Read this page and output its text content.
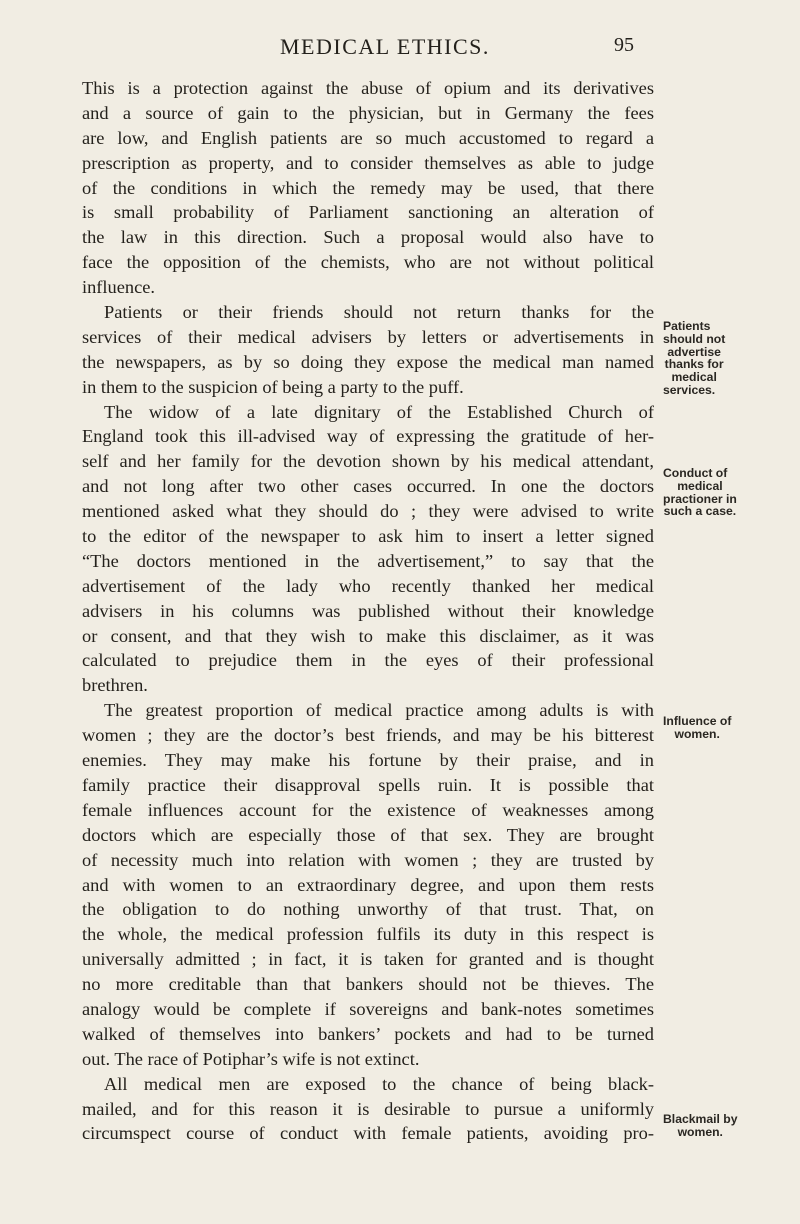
MEDICAL ETHICS.	95
This is a protection against the abuse of opium and its derivatives
and a source of gain to the physician, but in Germany the fees
are low, and English patients are so much accustomed to regard a
prescription as property, and to consider themselves as able to judge
of the conditions in which the remedy may be used, that there
is small probability of Parliament sanctioning an alteration of
the law in this direction. Such a proposal would also have to
face the opposition of the chemists, who are not without political
influence.
Patients or their friends should not return thanks for the
services of their medical advisers by letters or advertisements in
the newspapers, as by so doing they expose the medical man named
in them to the suspicion of being a party to the puff.
The widow of a late dignitary of the Established Church of
England took this ill-advised way of expressing the gratitude of her-
self and her family for the devotion shown by his medical attendant,
and not long after two other cases occurred. In one the doctors
mentioned asked what they should do ; they were advised to write
to the editor of the newspaper to ask him to insert a letter signed
“The doctors mentioned in the advertisement,” to say that the
advertisement of the lady who recently thanked her medical
advisers in his columns was published without their knowledge
or consent, and that they wish to make this disclaimer, as it was
calculated to prejudice them in the eyes of their professional
brethren.
The greatest proportion of medical practice among adults is with
women ; they are the doctor’s best friends, and may be his bitterest
enemies. They may make his fortune by their praise, and in
family practice their disapproval spells ruin. It is possible that
female influences account for the existence of weaknesses among
doctors which are especially those of that sex. They are brought
of necessity much into relation with women ; they are trusted by
and with women to an extraordinary degree, and upon them rests
the obligation to do nothing unworthy of that trust. That, on
the whole, the medical profession fulfils its duty in this respect is
universally admitted ; in fact, it is taken for granted and is thought
no more creditable than that bankers should not be thieves. The
analogy would be complete if sovereigns and bank-notes sometimes
walked of themselves into bankers’ pockets and had to be turned
out. The race of Potiphar’s wife is not extinct.
All medical men are exposed to the chance of being black-
mailed, and for this reason it is desirable to pursue a uniformly
circumspect course of conduct with female patients, avoiding pro-
Patients
should not
advertise
thanks for
medical
services.
Conduct of
medical
practioner in
such a case.
Influence of
women.
Blackmail by
women.
